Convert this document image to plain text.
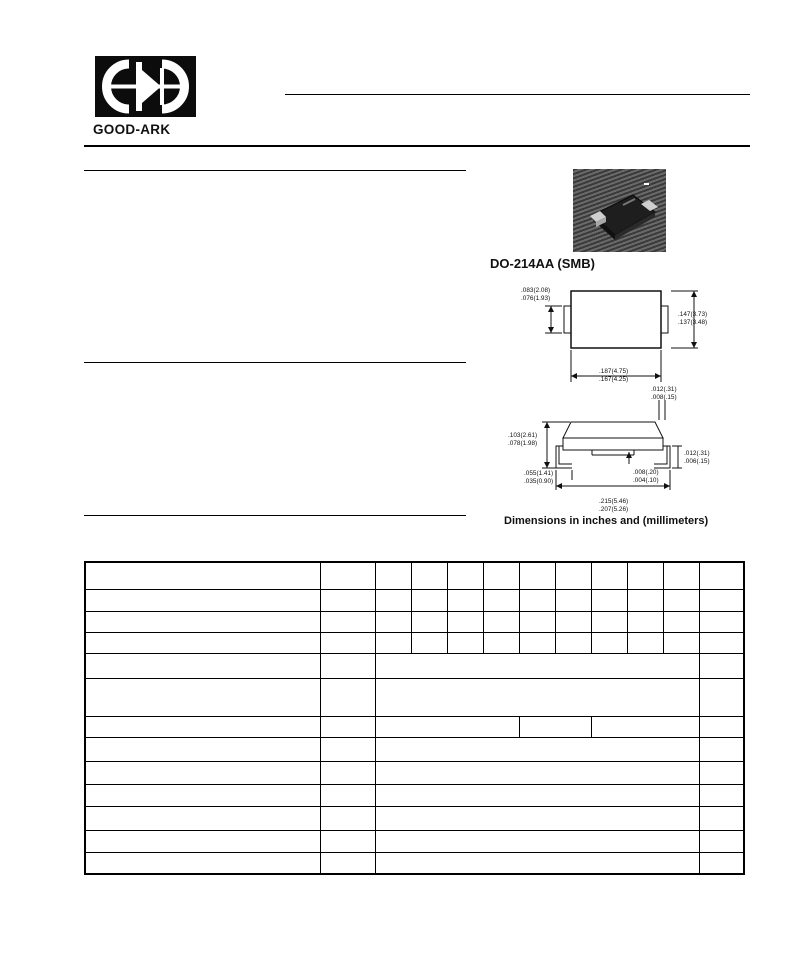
GOOD-ARK
DO-214AA (SMB)
.083(2.08)
.076(1.93)
.147(3.73)
.137(3.48)
.187(4.75)
.167(4.25)
.012(.31)
.008(.15)
.103(2.61)
.078(1.98)
.012(.31)
.006(.15)
.055(1.41)
.035(0.90)
.008(.20)
.004(.10)
.215(5.46)
.207(5.26)
Dimensions in inches and (millimeters)
